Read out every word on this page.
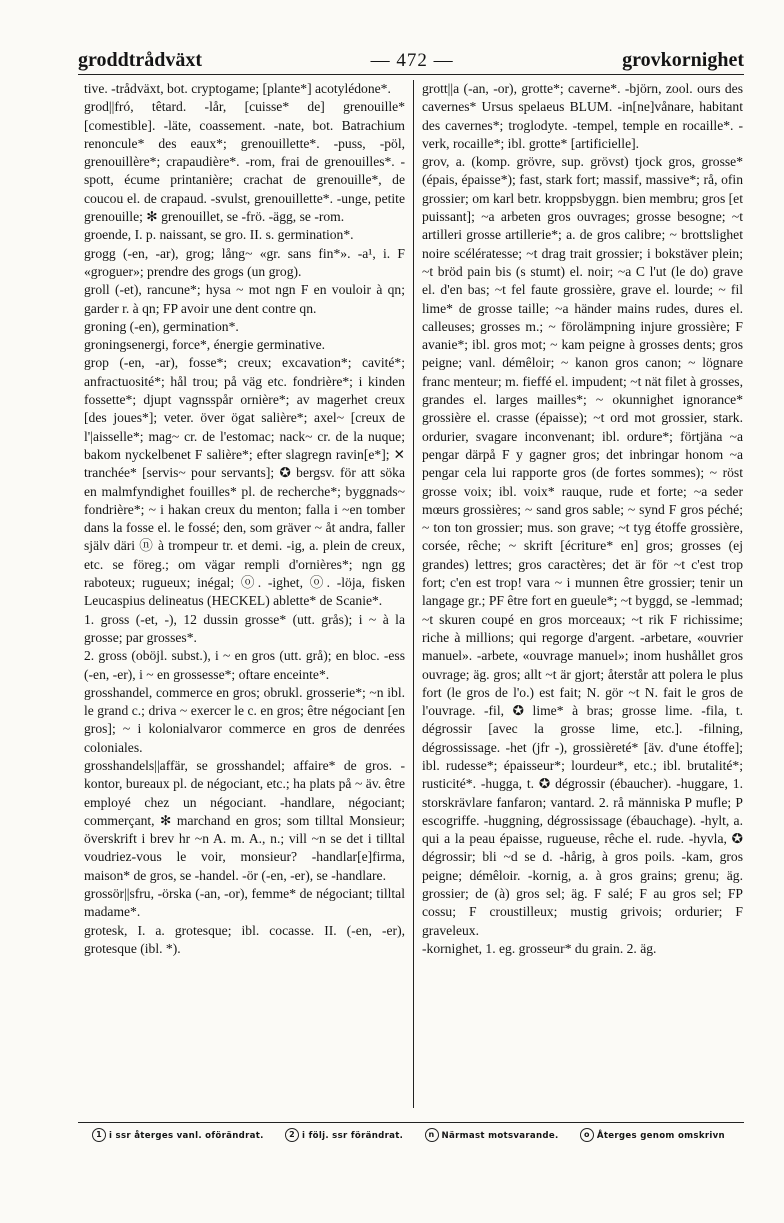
groddtrådväxt	— 472 —	grovkornighet

tive. -trådväxt, bot. cryptogame; [plante*] acotylédone*.

grod||fró, têtard. -lår, [cuisse* de] grenouille* [comestible]. -läte, coassement. -nate, bot. Batrachium renoncule* des eaux*; grenouillette*. -puss, -pöl, grenouillère*; crapaudière*. -rom, frai de grenouilles*. -spott, écume printanière; crachat de grenouille*, de coucou el. de crapaud. -svulst, grenouillette*. -unge, petite grenouille; ✻ grenouillet, se -frö. -ägg, se -rom.

groende, I. p. naissant, se gro. II. s. germination*.

grogg (-en, -ar), grog; lång~ «gr. sans fin*». -a¹, i. F «groguer»; prendre des grogs (un grog).

groll (-et), rancune*; hysa ~ mot ngn F en vouloir à qn; garder r. à qn; FP avoir une dent contre qn.

groning (-en), germination*.

groningsenergi, force*, énergie germinative.

grop (-en, -ar), fosse*; creux; excavation*; cavité*; anfractuosité*; hål trou; på väg etc. fondrière*; i kinden fossette*; djupt vagnsspår ornière*; av magerhet creux [des joues*]; veter. över ögat salière*; axel~ [creux de l'|aisselle*; mag~ cr. de l'estomac; nack~ cr. de la nuque; bakom nyckelbenet F salière*; efter slagregn ravin[e*]; ✕ tranchée* [servis~ pour servants]; ✪ bergsv. för att söka en malmfyndighet fouilles* pl. de recherche*; byggnads~ fondrière*; ~ i hakan creux du menton; falla i ~en tomber dans la fosse el. le fossé; den, som gräver ~ åt andra, faller själv däri ⓝ à trompeur tr. et demi. -ig, a. plein de creux, etc. se föreg.; om vägar rempli d'ornières*; ngn gg raboteux; rugueux; inégal; ⓞ. -ighet, ⓞ. -löja, fisken Leucaspius delineatus (HECKEL) ablette* de Scanie*.

1. gross (-et, -), 12 dussin grosse* (utt. grås); i ~ à la grosse; par grosses*.

2. gross (oböjl. subst.), i ~ en gros (utt. grå); en bloc. -ess (-en, -er), i ~ en grossesse*; oftare enceinte*.

grosshandel, commerce en gros; obrukl. grosserie*; ~n ibl. le grand c.; driva ~ exercer le c. en gros; être négociant [en gros]; ~ i kolonialvaror commerce en gros de denrées coloniales.

grosshandels||affär, se grosshandel; affaire* de gros. -kontor, bureaux pl. de négociant, etc.; ha plats på ~ äv. être employé chez un négociant. -handlare, négociant; commerçant, ✻ marchand en gros; som tilltal Monsieur; överskrift i brev hr ~n A. m. A., n.; vill ~n se det i tilltal voudriez-vous le voir, monsieur? -handlar[e]firma, maison* de gros, se -handel. -ör (-en, -er), se -handlare.

grossör||sfru, -örska (-an, -or), femme* de négociant; tilltal madame*.

grotesk, I. a. grotesque; ibl. cocasse. II. (-en, -er), grotesque (ibl. *).

grott||a (-an, -or), grotte*; caverne*. -björn, zool. ours des cavernes* Ursus spelaeus BLUM. -in[ne]vånare, habitant des cavernes*; troglodyte. -tempel, temple en rocaille*. -verk, rocaille*; ibl. grotte* [artificielle].

grov, a. (komp. grövre, sup. grövst) tjock gros, grosse* (épais, épaisse*); fast, stark fort; massif, massive*; rå, ofin grossier; om karl betr. kroppsbyggn. bien membru; gros [et puissant]; ~a arbeten gros ouvrages; grosse besogne; ~t artilleri grosse artillerie*; a. de gros calibre; ~ brottslighet noire scélératesse; ~t drag trait grossier; i bokstäver plein; ~t bröd pain bis (s stumt) el. noir; ~a C l'ut (le do) grave el. d'en bas; ~t fel faute grossière, grave el. lourde; ~ fil lime* de grosse taille; ~a händer mains rudes, dures el. calleuses; grosses m.; ~ förolämpning injure grossière; F avanie*; ibl. gros mot; ~ kam peigne à grosses dents; gros peigne; vanl. démêloir; ~ kanon gros canon; ~ lögnare franc menteur; m. fieffé el. impudent; ~t nät filet à grosses, grandes el. larges mailles*; ~ okunnighet ignorance* grossière el. crasse (épaisse); ~t ord mot grossier, stark. ordurier, svagare inconvenant; ibl. ordure*; förtjäna ~a pengar därpå F y gagner gros; det inbringar honom ~a pengar cela lui rapporte gros (de fortes sommes); ~ röst grosse voix; ibl. voix* rauque, rude et forte; ~a seder mœurs grossières; ~ sand gros sable; ~ synd F gros péché; ~ ton ton grossier; mus. son grave; ~t tyg étoffe grossière, corsée, rêche; ~ skrift [écriture* en] gros; grosses (ej grandes) lettres; gros caractères; det är för ~t c'est trop fort; c'en est trop! vara ~ i munnen être grossier; tenir un langage gr.; PF être fort en gueule*; ~t byggd, se -lemmad; ~t skuren coupé en gros morceaux; ~t rik F richissime; riche à millions; qui regorge d'argent. -arbetare, «ouvrier manuel». -arbete, «ouvrage manuel»; inom hushållet gros ouvrage; äg. gros; allt ~t är gjort; återstår att polera le plus fort (le gros de l'o.) est fait; N. gör ~t N. fait le gros de l'ouvrage. -fil, ✪ lime* à bras; grosse lime. -fila, t. dégrossir [avec la grosse lime, etc.]. -filning, dégrossissage. -het (jfr -), grossièreté* [äv. d'une étoffe]; ibl. rudesse*; épaisseur*; lourdeur*, etc.; ibl. brutalité*; rusticité*. -hugga, t. ✪ dégrossir (ébaucher). -huggare, 1. storskrävlare fanfaron; vantard. 2. rå människa P mufle; P escogriffe. -huggning, dégrossissage (ébauchage). -hylt, a. qui a la peau épaisse, rugueuse, rêche el. rude. -hyvla, ✪ dégrossir; bli ~d se d. -hårig, à gros poils. -kam, gros peigne; démêloir. -kornig, a. à gros grains; grenu; äg. grossier; de (à) gros sel; äg. F salé; F au gros sel; FP cossu; F croustilleux; mustig grivois; ordurier; F graveleux.

-kornighet, 1. eg. grosseur* du grain. 2. äg.

1 i ssr återges vanl. oförändrat.	2 i följ. ssr förändrat.	n Närmast motsvarande.	o Återges genom omskrivn
